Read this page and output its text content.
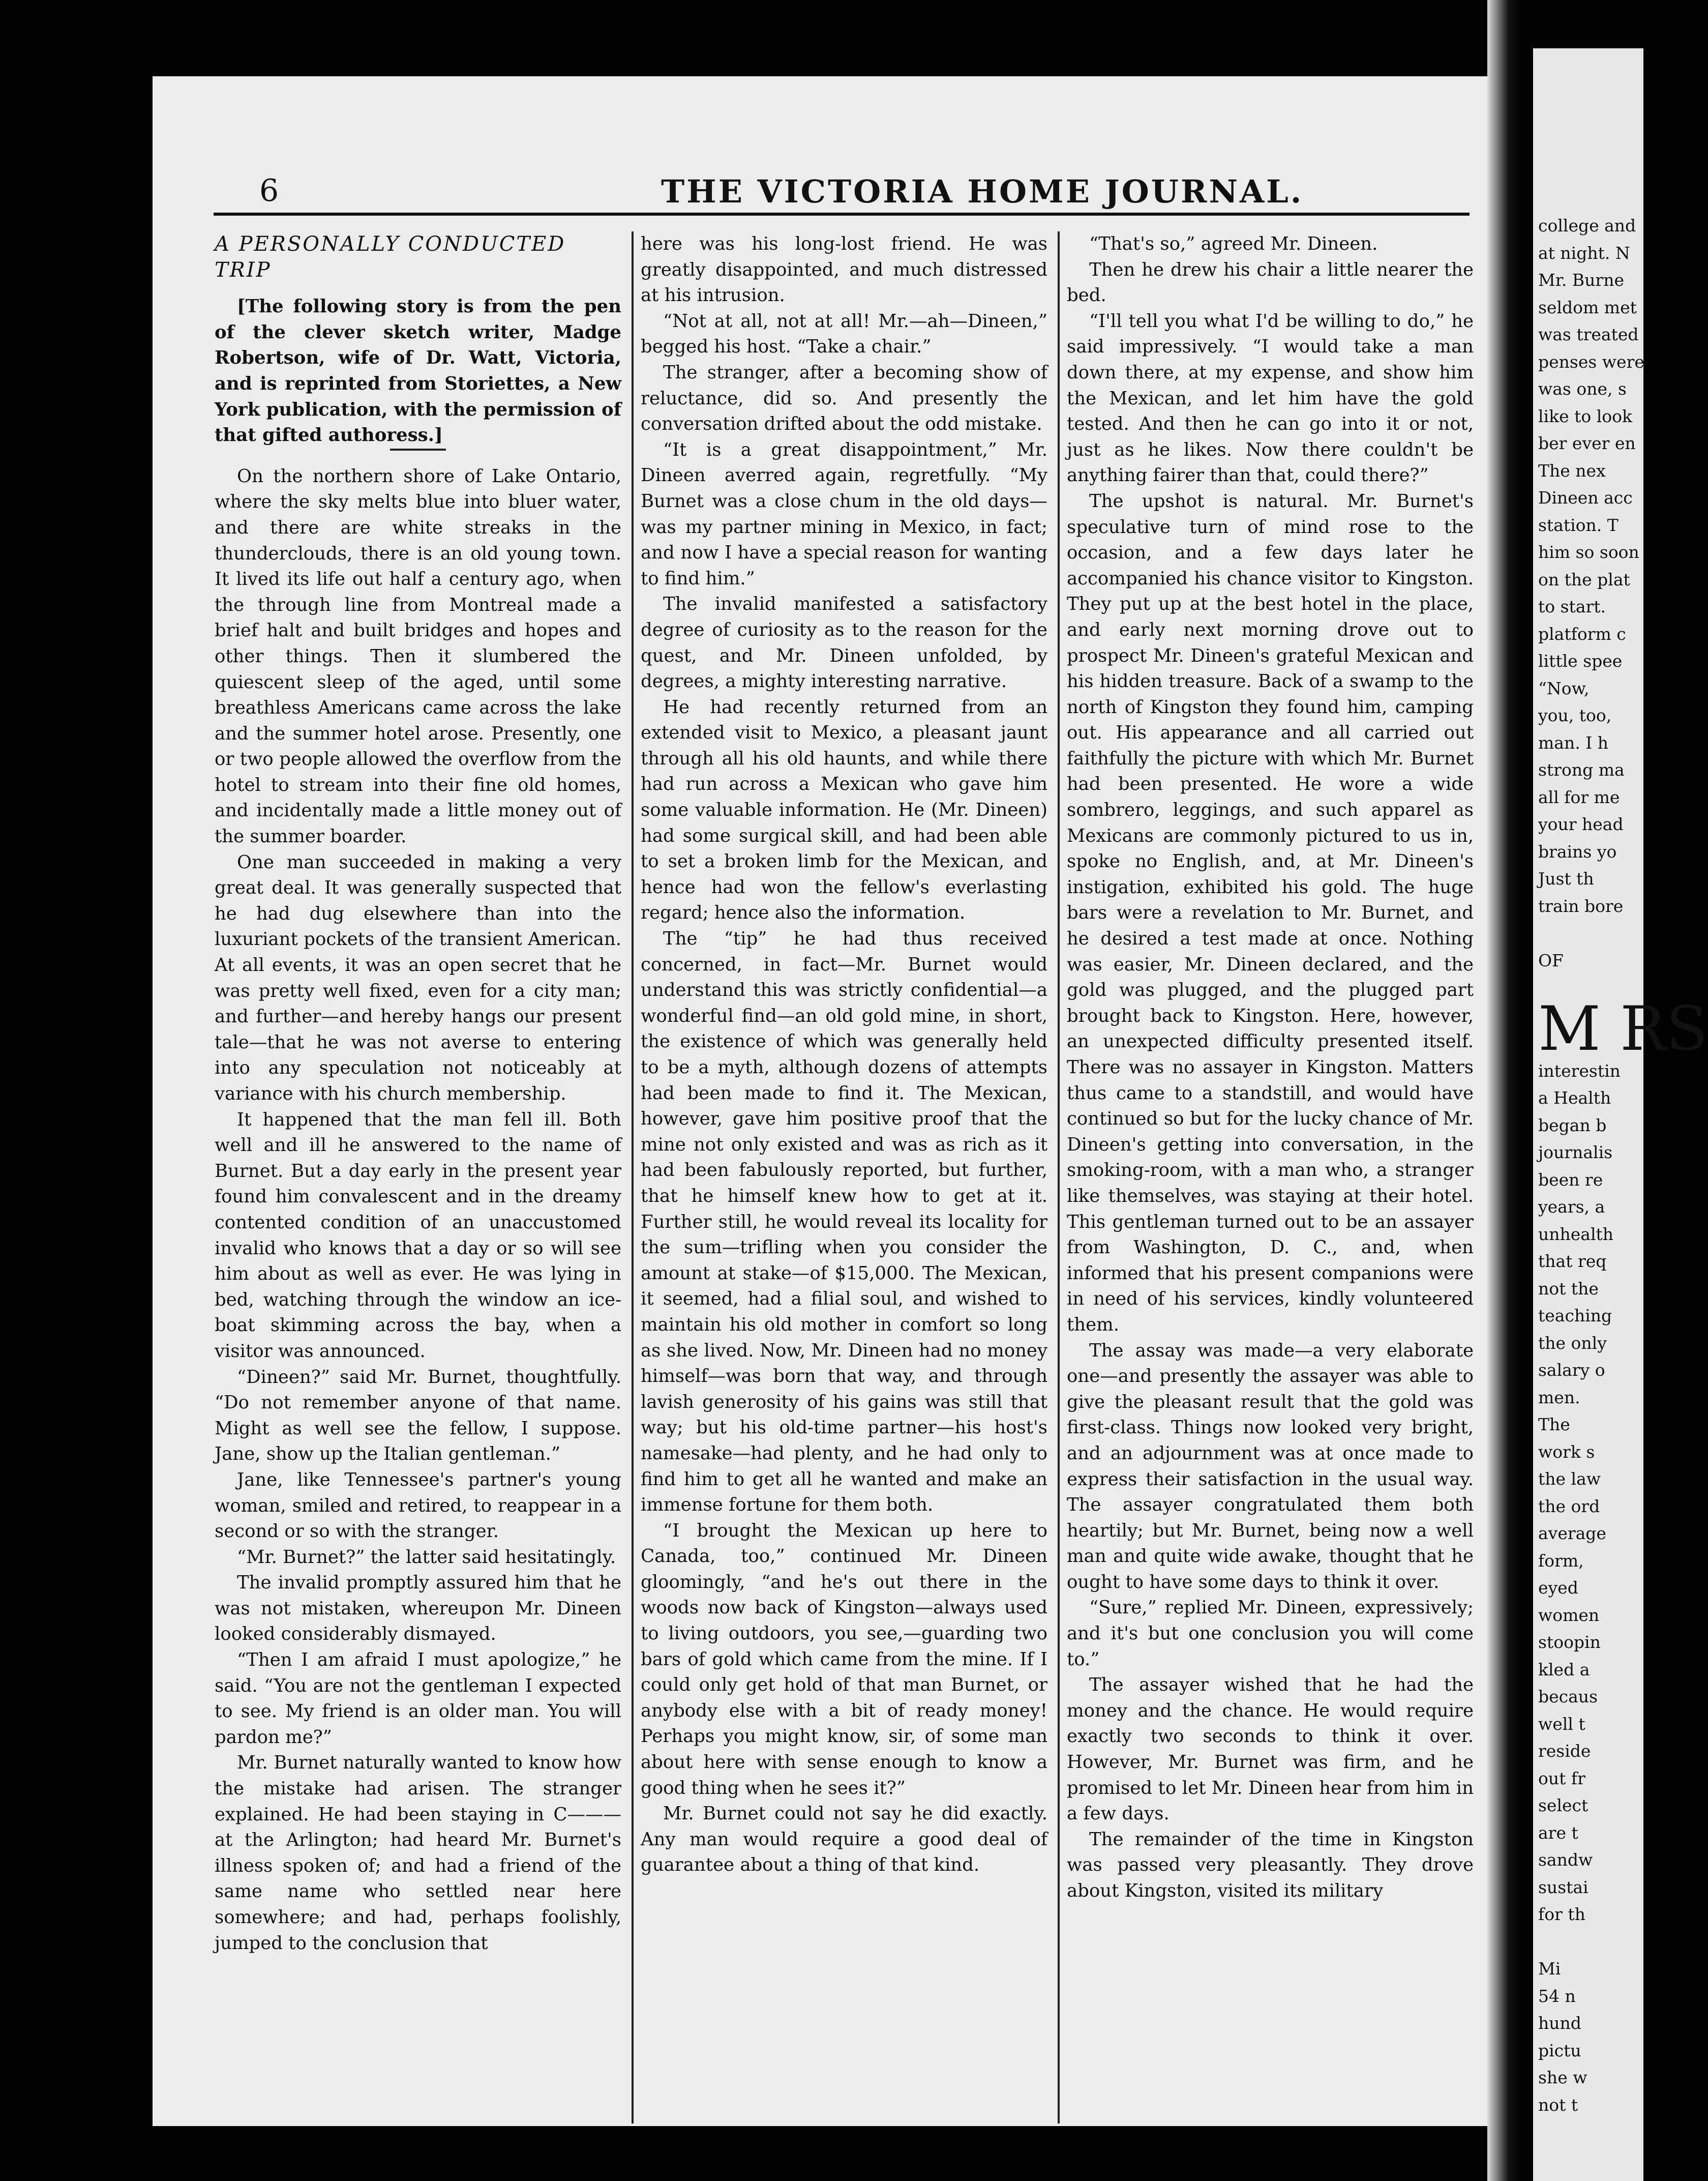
college and
at night. N
Mr. Burne
seldom met
was treated
penses were
was one, s
like to look
ber ever en
The nex
Dineen acc
station. T
him so soon
on the plat
to start.
platform c
little spee
“Now,
you, too,
man. I h
strong ma
all for me
your head
brains yo
Just th
train bore
OF
M RS
interestin
a Health
began b
journalis
been re
years, a
unhealth
that req
not the
teaching
the only
salary o
men.
The
work s
the law
the ord
average
form,
eyed
women
stoopin
kled a
becaus
well t
reside
out fr
select
are t
sandw
sustai
for th
Mi
54 n
hund
pictu
she w
not t
6	THE VICTORIA HOME JOURNAL.
A PERSONALLY CONDUCTED TRIP

[The following story is from the pen of the clever sketch writer, Madge Robertson, wife of Dr. Watt, Victoria, and is reprinted from Storiettes, a New York publication, with the permission of that gifted authoress.]

On the northern shore of Lake Ontario, where the sky melts blue into bluer water, and there are white streaks in the thunderclouds, there is an old young town. It lived its life out half a century ago, when the through line from Montreal made a brief halt and built bridges and hopes and other things. Then it slumbered the quiescent sleep of the aged, until some breathless Americans came across the lake and the summer hotel arose. Presently, one or two people allowed the overflow from the hotel to stream into their fine old homes, and incidentally made a little money out of the summer boarder.

One man succeeded in making a very great deal. It was generally suspected that he had dug elsewhere than into the luxuriant pockets of the transient American. At all events, it was an open secret that he was pretty well fixed, even for a city man; and further—and hereby hangs our present tale—that he was not averse to entering into any speculation not noticeably at variance with his church membership.

It happened that the man fell ill. Both well and ill he answered to the name of Burnet. But a day early in the present year found him convalescent and in the dreamy contented condition of an unaccustomed invalid who knows that a day or so will see him about as well as ever. He was lying in bed, watching through the window an ice-boat skimming across the bay, when a visitor was announced.

“Dineen?” said Mr. Burnet, thoughtfully. “Do not remember anyone of that name. Might as well see the fellow, I suppose. Jane, show up the Italian gentleman.”

Jane, like Tennessee's partner's young woman, smiled and retired, to reappear in a second or so with the stranger.

“Mr. Burnet?” the latter said hesitatingly.

The invalid promptly assured him that he was not mistaken, whereupon Mr. Dineen looked considerably dismayed.

“Then I am afraid I must apologize,” he said. “You are not the gentleman I expected to see. My friend is an older man. You will pardon me?”

Mr. Burnet naturally wanted to know how the mistake had arisen. The stranger explained. He had been staying in C——— at the Arlington; had heard Mr. Burnet's illness spoken of; and had a friend of the same name who settled near here somewhere; and had, perhaps foolishly, jumped to the conclusion that

here was his long-lost friend. He was greatly disappointed, and much distressed at his intrusion.

“Not at all, not at all! Mr.—ah—Dineen,” begged his host. “Take a chair.”

The stranger, after a becoming show of reluctance, did so. And presently the conversation drifted about the odd mistake.

“It is a great disappointment,” Mr. Dineen averred again, regretfully. “My Burnet was a close chum in the old days—was my partner mining in Mexico, in fact; and now I have a special reason for wanting to find him.”

The invalid manifested a satisfactory degree of curiosity as to the reason for the quest, and Mr. Dineen unfolded, by degrees, a mighty interesting narrative.

He had recently returned from an extended visit to Mexico, a pleasant jaunt through all his old haunts, and while there had run across a Mexican who gave him some valuable information. He (Mr. Dineen) had some surgical skill, and had been able to set a broken limb for the Mexican, and hence had won the fellow's everlasting regard; hence also the information.

The “tip” he had thus received concerned, in fact—Mr. Burnet would understand this was strictly confidential—a wonderful find—an old gold mine, in short, the existence of which was generally held to be a myth, although dozens of attempts had been made to find it. The Mexican, however, gave him positive proof that the mine not only existed and was as rich as it had been fabulously reported, but further, that he himself knew how to get at it. Further still, he would reveal its locality for the sum—trifling when you consider the amount at stake—of $15,000. The Mexican, it seemed, had a filial soul, and wished to maintain his old mother in comfort so long as she lived. Now, Mr. Dineen had no money himself—was born that way, and through lavish generosity of his gains was still that way; but his old-time partner—his host's namesake—had plenty, and he had only to find him to get all he wanted and make an immense fortune for them both.

“I brought the Mexican up here to Canada, too,” continued Mr. Dineen gloomingly, “and he's out there in the woods now back of Kingston—always used to living outdoors, you see,—guarding two bars of gold which came from the mine. If I could only get hold of that man Burnet, or anybody else with a bit of ready money! Perhaps you might know, sir, of some man about here with sense enough to know a good thing when he sees it?”

Mr. Burnet could not say he did exactly. Any man would require a good deal of guarantee about a thing of that kind.

“That's so,” agreed Mr. Dineen.

Then he drew his chair a little nearer the bed.

“I'll tell you what I'd be willing to do,” he said impressively. “I would take a man down there, at my expense, and show him the Mexican, and let him have the gold tested. And then he can go into it or not, just as he likes. Now there couldn't be anything fairer than that, could there?”

The upshot is natural. Mr. Burnet's speculative turn of mind rose to the occasion, and a few days later he accompanied his chance visitor to Kingston. They put up at the best hotel in the place, and early next morning drove out to prospect Mr. Dineen's grateful Mexican and his hidden treasure. Back of a swamp to the north of Kingston they found him, camping out. His appearance and all carried out faithfully the picture with which Mr. Burnet had been presented. He wore a wide sombrero, leggings, and such apparel as Mexicans are commonly pictured to us in, spoke no English, and, at Mr. Dineen's instigation, exhibited his gold. The huge bars were a revelation to Mr. Burnet, and he desired a test made at once. Nothing was easier, Mr. Dineen declared, and the gold was plugged, and the plugged part brought back to Kingston. Here, however, an unexpected difficulty presented itself. There was no assayer in Kingston. Matters thus came to a standstill, and would have continued so but for the lucky chance of Mr. Dineen's getting into conversation, in the smoking-room, with a man who, a stranger like themselves, was staying at their hotel. This gentleman turned out to be an assayer from Washington, D. C., and, when informed that his present companions were in need of his services, kindly volunteered them.

The assay was made—a very elaborate one—and presently the assayer was able to give the pleasant result that the gold was first-class. Things now looked very bright, and an adjournment was at once made to express their satisfaction in the usual way. The assayer congratulated them both heartily; but Mr. Burnet, being now a well man and quite wide awake, thought that he ought to have some days to think it over.

“Sure,” replied Mr. Dineen, expressively; and it's but one conclusion you will come to.”

The assayer wished that he had the money and the chance. He would require exactly two seconds to think it over. However, Mr. Burnet was firm, and he promised to let Mr. Dineen hear from him in a few days.

The remainder of the time in Kingston was passed very pleasantly. They drove about Kingston, visited its military
